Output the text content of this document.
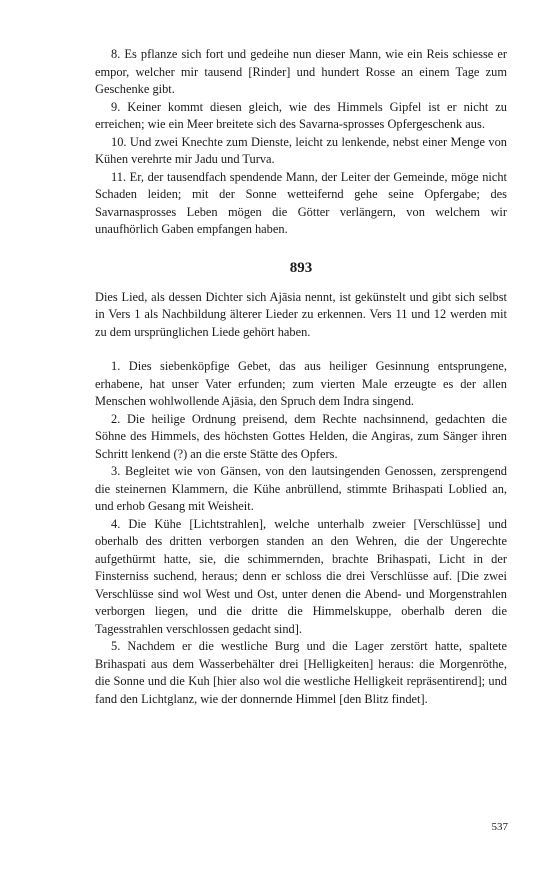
8. Es pflanze sich fort und gedeihe nun dieser Mann, wie ein Reis schiesse er empor, welcher mir tausend [Rinder] und hundert Rosse an einem Tage zum Geschenke gibt.

9. Keiner kommt diesen gleich, wie des Himmels Gipfel ist er nicht zu erreichen; wie ein Meer breitete sich des Savarna-sprosses Opfergeschenk aus.

10. Und zwei Knechte zum Dienste, leicht zu lenkende, nebst einer Menge von Kühen verehrte mir Jadu und Turva.

11. Er, der tausendfach spendende Mann, der Leiter der Gemeinde, möge nicht Schaden leiden; mit der Sonne wetteifernd gehe seine Opfergabe; des Savarnasprosses Leben mögen die Götter verlängern, von welchem wir unaufhörlich Gaben empfangen haben.

893

Dies Lied, als dessen Dichter sich Ajāsia nennt, ist gekünstelt und gibt sich selbst in Vers 1 als Nachbildung älterer Lieder zu erkennen. Vers 11 und 12 werden mit zu dem ursprünglichen Liede gehört haben.

1. Dies siebenköpfige Gebet, das aus heiliger Gesinnung entsprungene, erhabene, hat unser Vater erfunden; zum vierten Male erzeugte es der allen Menschen wohlwollende Ajāsia, den Spruch dem Indra singend.

2. Die heilige Ordnung preisend, dem Rechte nachsinnend, gedachten die Söhne des Himmels, des höchsten Gottes Helden, die Angiras, zum Sänger ihren Schritt lenkend (?) an die erste Stätte des Opfers.

3. Begleitet wie von Gänsen, von den lautsingenden Genossen, zersprengend die steinernen Klammern, die Kühe anbrüllend, stimmte Brihaspati Loblied an, und erhob Gesang mit Weisheit.

4. Die Kühe [Lichtstrahlen], welche unterhalb zweier [Verschlüsse] und oberhalb des dritten verborgen standen an den Wehren, die der Ungerechte aufgethürmt hatte, sie, die schimmernden, brachte Brihaspati, Licht in der Finsterniss suchend, heraus; denn er schloss die drei Verschlüsse auf. [Die zwei Verschlüsse sind wol West und Ost, unter denen die Abend- und Morgenstrahlen verborgen liegen, und die dritte die Himmelskuppe, oberhalb deren die Tagesstrahlen verschlossen gedacht sind].

5. Nachdem er die westliche Burg und die Lager zerstört hatte, spaltete Brihaspati aus dem Wasserbehälter drei [Helligkeiten] heraus: die Morgenröthe, die Sonne und die Kuh [hier also wol die westliche Helligkeit repräsentirend]; und fand den Lichtglanz, wie der donnernde Himmel [den Blitz findet].

537
